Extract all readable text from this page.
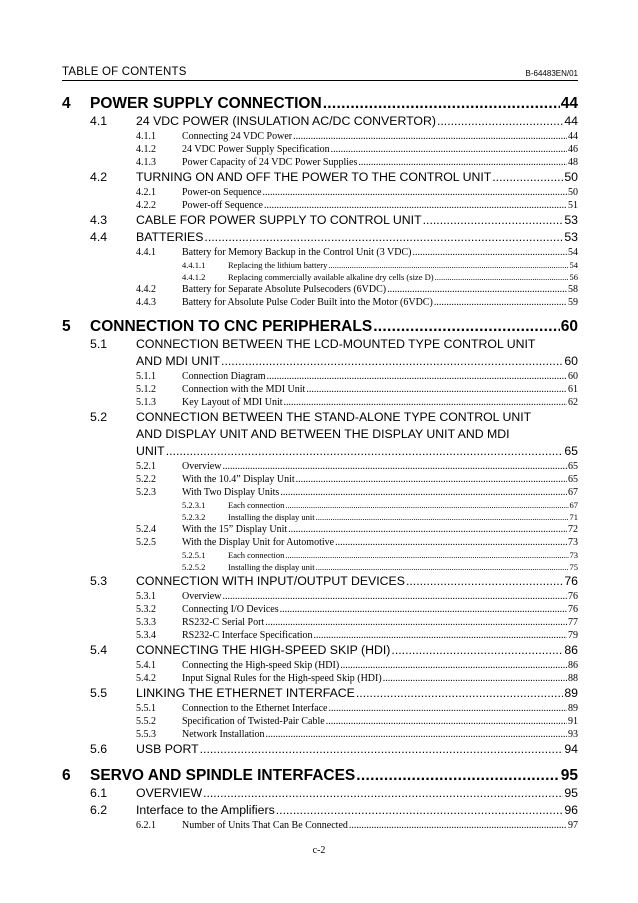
TABLE OF CONTENTS	B-64483EN/01
4 POWER SUPPLY CONNECTION .....	44
4.1 24 VDC POWER (INSULATION AC/DC CONVERTOR) .....	44
4.1.1	Connecting 24 VDC Power .....	44
4.1.2	24 VDC Power Supply Specification .....	46
4.1.3	Power Capacity of 24 VDC Power Supplies .....	48
4.2 TURNING ON AND OFF THE POWER TO THE CONTROL UNIT .....	50
4.2.1	Power-on Sequence .....	50
4.2.2	Power-off Sequence .....	51
4.3 CABLE FOR POWER SUPPLY TO CONTROL UNIT .....	53
4.4 BATTERIES .....	53
4.4.1	Battery for Memory Backup in the Control Unit (3 VDC) .....	54
4.4.1.1	Replacing the lithium battery .....	54
4.4.1.2	Replacing commercially available alkaline dry cells (size D) .....	56
4.4.2	Battery for Separate Absolute Pulsecoders (6VDC) .....	58
4.4.3	Battery for Absolute Pulse Coder Built into the Motor (6VDC) .....	59
5 CONNECTION TO CNC PERIPHERALS .....	60
5.1 CONNECTION BETWEEN THE LCD-MOUNTED TYPE CONTROL UNIT
AND MDI UNIT .....	60
5.1.1	Connection Diagram .....	60
5.1.2	Connection with the MDI Unit .....	61
5.1.3	Key Layout of MDI Unit .....	62
5.2 CONNECTION BETWEEN THE STAND-ALONE TYPE CONTROL UNIT
AND DISPLAY UNIT AND BETWEEN THE DISPLAY UNIT AND MDI
UNIT .....	65
5.2.1	Overview .....	65
5.2.2	With the 10.4” Display Unit .....	65
5.2.3	With Two Display Units .....	67
5.2.3.1	Each connection .....	67
5.2.3.2	Installing the display unit .....	71
5.2.4	With the 15” Display Unit .....	72
5.2.5	With the Display Unit for Automotive .....	73
5.2.5.1	Each connection .....	73
5.2.5.2	Installing the display unit .....	75
5.3 CONNECTION WITH INPUT/OUTPUT DEVICES .....	76
5.3.1	Overview .....	76
5.3.2	Connecting I/O Devices .....	76
5.3.3	RS232-C Serial Port .....	77
5.3.4	RS232-C Interface Specification .....	79
5.4 CONNECTING THE HIGH-SPEED SKIP (HDI) .....	86
5.4.1	Connecting the High-speed Skip (HDI) .....	86
5.4.2	Input Signal Rules for the High-speed Skip (HDI) .....	88
5.5 LINKING THE ETHERNET INTERFACE .....	89
5.5.1	Connection to the Ethernet Interface .....	89
5.5.2	Specification of Twisted-Pair Cable .....	91
5.5.3	Network Installation .....	93
5.6 USB PORT .....	94
6 SERVO AND SPINDLE INTERFACES .....	95
6.1 OVERVIEW .....	95
6.2 Interface to the Amplifiers .....	96
6.2.1	Number of Units That Can Be Connected .....	97
c-2
